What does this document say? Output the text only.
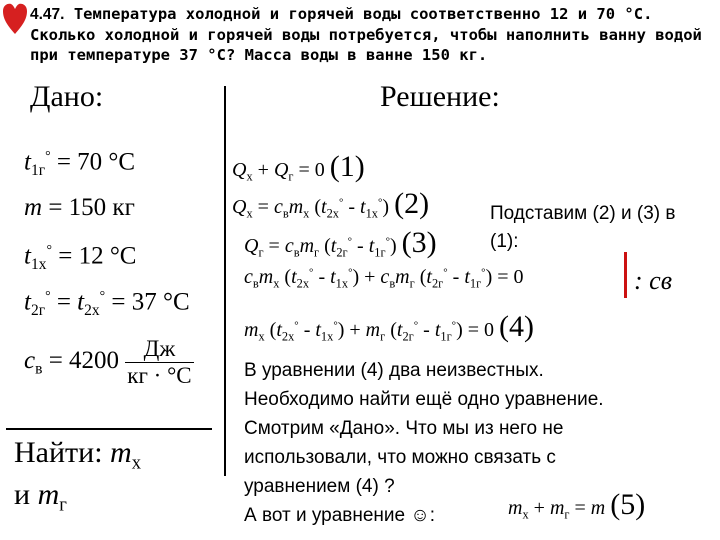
4.47. Температура холодной и горячей воды соответственно 12 и 70 °С. Сколько холодной и горячей воды потребуется, чтобы наполнить ванну водой при температуре 37 °С? Масса воды в ванне 150 кг.
Дано:	Решение:
$t_{1г}^\circ = 70$ °С
m = 150 кг
$t_{1х}^\circ = 12$ °С
$t_{2г}^\circ = t_{2х}^\circ = 37$ °С
$c_в = 4200 \frac{Дж}{кг \cdot ^\circ С}$
Найти: $m_х$
и $m_г$
$Q_х + Q_г = 0$ (1)
$Q_х = c_вm_х$ $(t_{2х}^\circ - t_{1х}^\circ)$ (2)
$Q_г = c_вm_г$ $(t_{2г}^\circ - t_{1г}^\circ)$ (3)
Подставим (2) и (3) в (1):
$c_вm_х$ $(t_{2х}^\circ - t_{1х}^\circ) + c_вm_г$ $(t_{2г}^\circ - t_{1г}^\circ) = 0$	: св
$m_х$ $(t_{2х}^\circ - t_{1х}^\circ) + m_г$ $(t_{2г}^\circ - t_{1г}^\circ) = 0$ (4)
В уравнении (4) два неизвестных.
Необходимо найти ещё одно уравнение.
Смотрим «Дано». Что мы из него не
использовали, что можно связать с
уравнением (4) ?
А вот и уравнение ☺:	$m_х + m_г = m$ (5)
